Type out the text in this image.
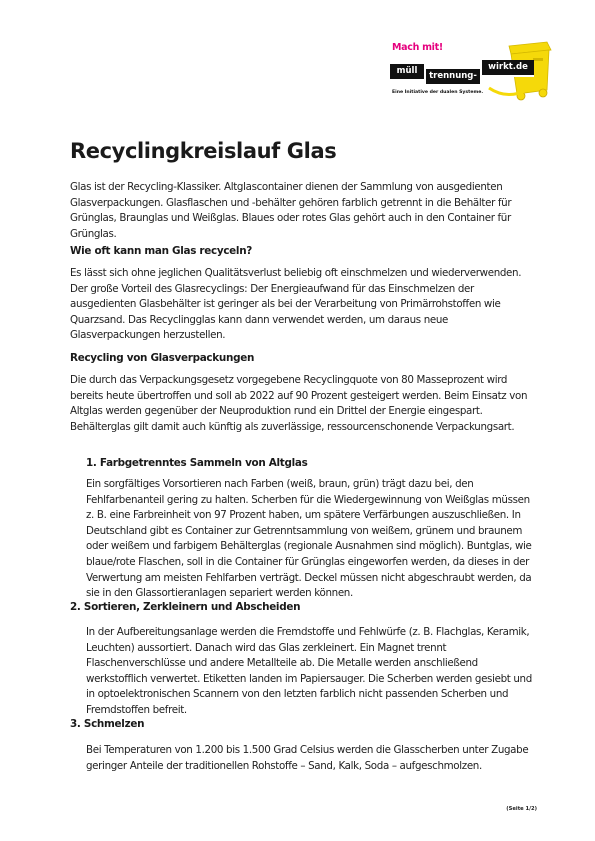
Mach mit!
müll	trennung-
wirkt.de
Eine Initiative der dualen Systeme.
Recyclingkreislauf Glas

Glas ist der Recycling-Klassiker. Altglascontainer dienen der Sammlung von ausgedienten Glasverpackungen. Glasflaschen und -behälter gehören farblich getrennt in die Behälter für Grünglas, Braunglas und Weißglas. Blaues oder rotes Glas gehört auch in den Container für Grünglas.

Wie oft kann man Glas recyceln?

Es lässt sich ohne jeglichen Qualitätsverlust beliebig oft einschmelzen und wiederverwenden. Der große Vorteil des Glasrecyclings: Der Energieaufwand für das Einschmelzen der ausgedienten Glasbehälter ist geringer als bei der Verarbeitung von Primärrohstoffen wie Quarzsand. Das Recyclingglas kann dann verwendet werden, um daraus neue Glasverpackungen herzustellen.

Recycling von Glasverpackungen

Die durch das Verpackungsgesetz vorgegebene Recyclingquote von 80 Masseprozent wird bereits heute übertroffen und soll ab 2022 auf 90 Prozent gesteigert werden. Beim Einsatz von Altglas werden gegenüber der Neuproduktion rund ein Drittel der Energie eingespart. Behälterglas gilt damit auch künftig als zuverlässige, ressourcenschonende Verpackungsart.

1. Farbgetrenntes Sammeln von Altglas

Ein sorgfältiges Vorsortieren nach Farben (weiß, braun, grün) trägt dazu bei, den Fehlfarbenanteil gering zu halten. Scherben für die Wiedergewinnung von Weißglas müssen z. B. eine Farbreinheit von 97 Prozent haben, um spätere Verfärbungen auszuschließen. In Deutschland gibt es Container zur Getrenntsammlung von weißem, grünem und braunem oder weißem und farbigem Behälterglas (regionale Ausnahmen sind möglich). Buntglas, wie blaue/rote Flaschen, soll in die Container für Grünglas eingeworfen werden, da dieses in der Verwertung am meisten Fehlfarben verträgt. Deckel müssen nicht abgeschraubt werden, da sie in den Glassortieranlagen separiert werden können.

2. Sortieren, Zerkleinern und Abscheiden

In der Aufbereitungsanlage werden die Fremdstoffe und Fehlwürfe (z. B. Flachglas, Keramik, Leuchten) aussortiert. Danach wird das Glas zerkleinert. Ein Magnet trennt Flaschenverschlüsse und andere Metallteile ab. Die Metalle werden anschließend werkstofflich verwertet. Etiketten landen im Papiersauger. Die Scherben werden gesiebt und in optoelektronischen Scannern von den letzten farblich nicht passenden Scherben und Fremdstoffen befreit.

3. Schmelzen

Bei Temperaturen von 1.200 bis 1.500 Grad Celsius werden die Glasscherben unter Zugabe geringer Anteile der traditionellen Rohstoffe – Sand, Kalk, Soda – aufgeschmolzen.

(Seite 1/2)
